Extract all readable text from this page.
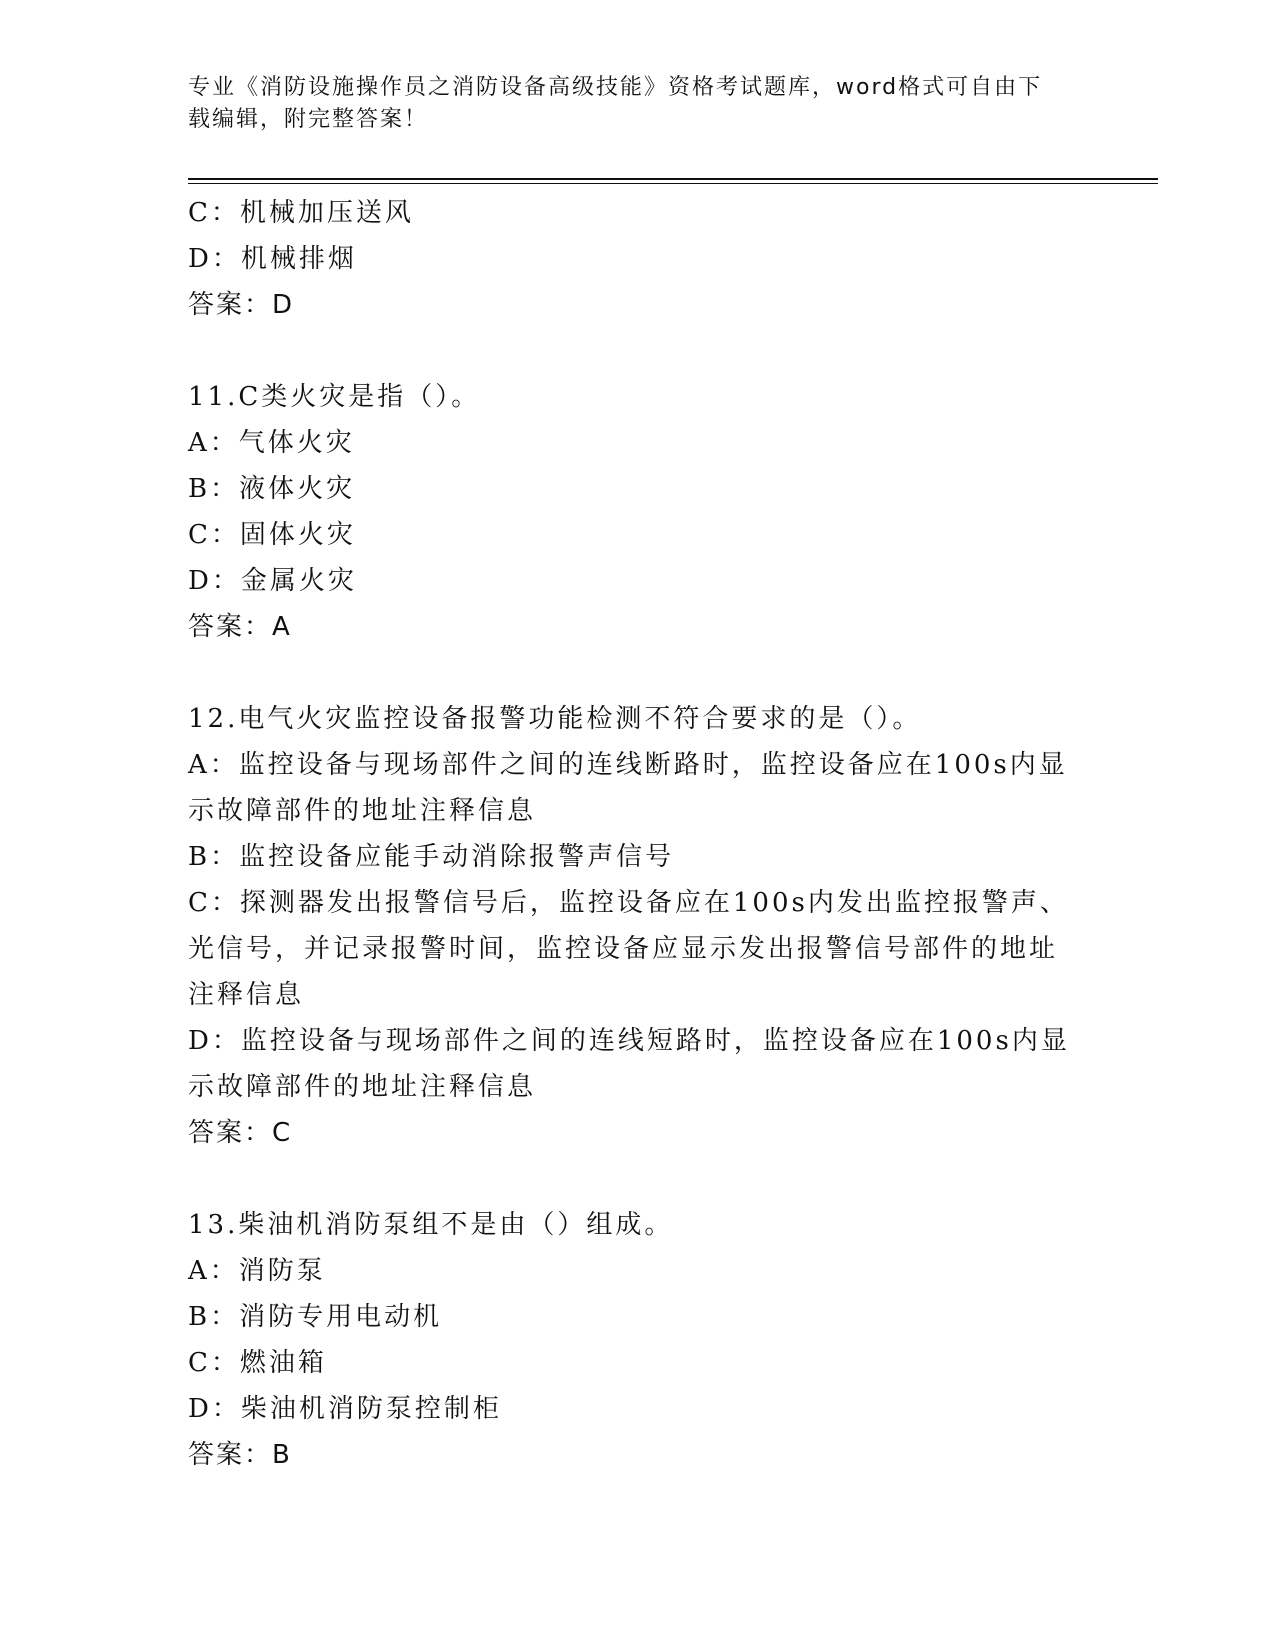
专业《消防设施操作员之消防设备高级技能》资格考试题库，word格式可自由下
载编辑，附完整答案！
C：机械加压送风
D：机械排烟
答案：D
11.C类火灾是指（）。
A：气体火灾
B：液体火灾
C：固体火灾
D：金属火灾
答案：A
12.电气火灾监控设备报警功能检测不符合要求的是（）。
A：监控设备与现场部件之间的连线断路时，监控设备应在100s内显
示故障部件的地址注释信息
B：监控设备应能手动消除报警声信号
C：探测器发出报警信号后，监控设备应在100s内发出监控报警声、
光信号，并记录报警时间，监控设备应显示发出报警信号部件的地址
注释信息
D：监控设备与现场部件之间的连线短路时，监控设备应在100s内显
示故障部件的地址注释信息
答案：C
13.柴油机消防泵组不是由（）组成。
A：消防泵
B：消防专用电动机
C：燃油箱
D：柴油机消防泵控制柜
答案：B
